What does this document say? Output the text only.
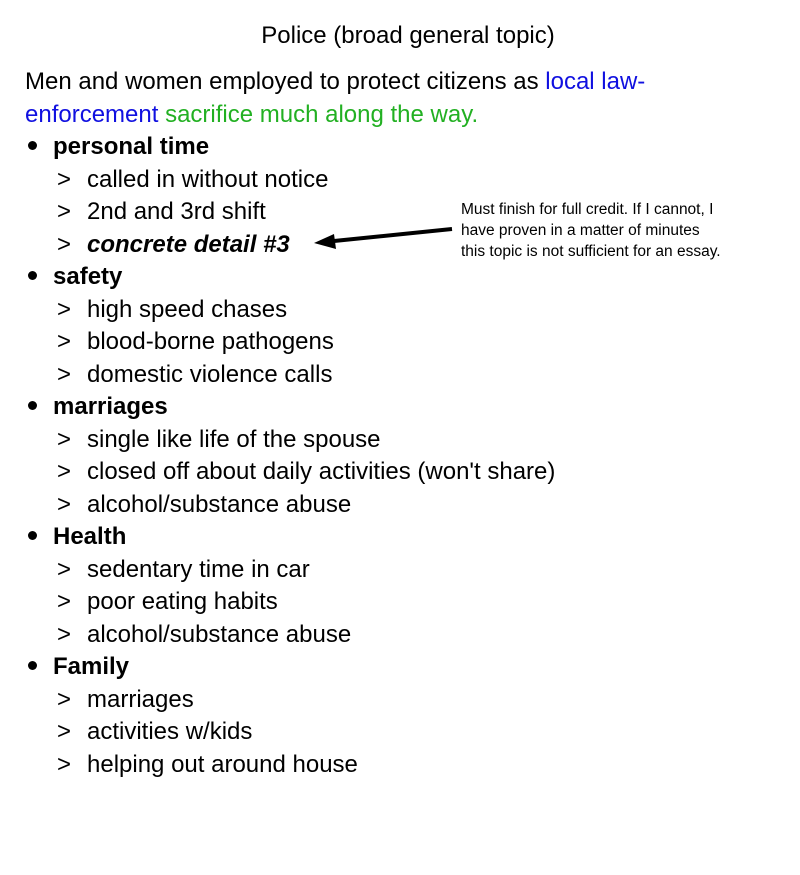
Police (broad general topic)
Men and women employed to protect citizens as local law-enforcement sacrifice much along the way.
personal time
> called in without notice
> 2nd and 3rd shift
> concrete detail #3
safety
> high speed chases
> blood-borne pathogens
> domestic violence calls
marriages
> single like life of the spouse
> closed off about daily activities (won't share)
> alcohol/substance abuse
Health
> sedentary time in car
> poor eating habits
> alcohol/substance abuse
Family
> marriages
> activities w/kids
> helping out around house
Must finish for full credit. If I cannot, I
have proven in a matter of minutes
this topic is not sufficient for an essay.
